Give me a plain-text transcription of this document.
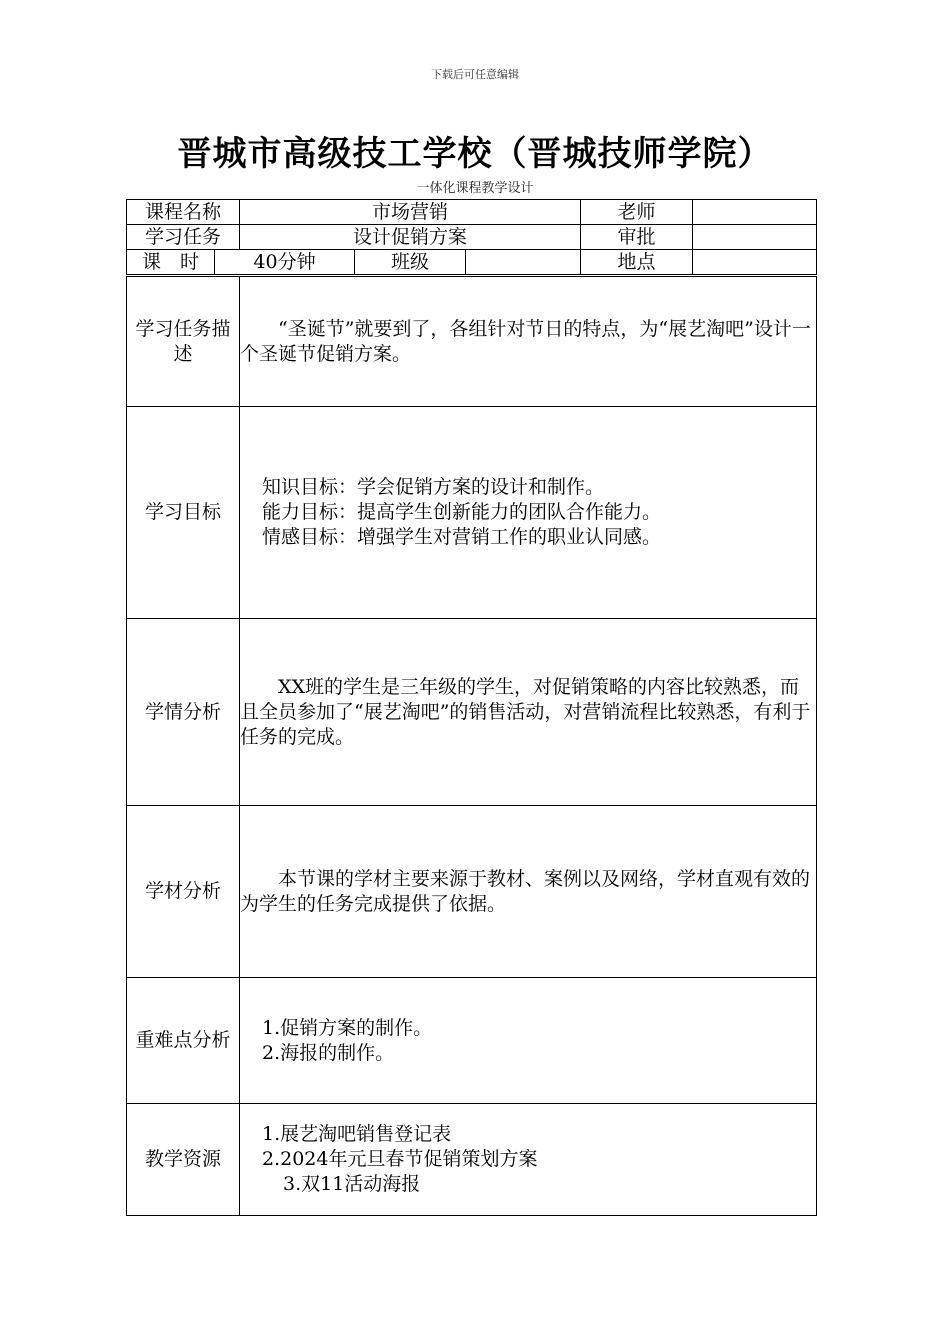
下载后可任意编辑
晋城市高级技工学校（晋城技师学院）
一体化课程教学设计
课程名称		市场营销			老师	
学习任务		设计促销方案			审批	
课　时	40分钟		班级		地点	
学习任务描述	“圣诞节”就要到了，各组针对节日的特点，为“展艺淘吧”设计一个圣诞节促销方案。

学习目标	知识目标：学会促销方案的设计和制作。

能力目标：提高学生创新能力的团队合作能力。

情感目标：增强学生对营销工作的职业认同感。

学情分析	XX班的学生是三年级的学生，对促销策略的内容比较熟悉，而且全员参加了“展艺淘吧”的销售活动，对营销流程比较熟悉，有利于任务的完成。

学材分析	本节课的学材主要来源于教材、案例以及网络，学材直观有效的为学生的任务完成提供了依据。

重难点分析	1.促销方案的制作。

2.海报的制作。

教学资源	1.展艺淘吧销售登记表

2.2024年元旦春节促销策划方案

3.双11活动海报
